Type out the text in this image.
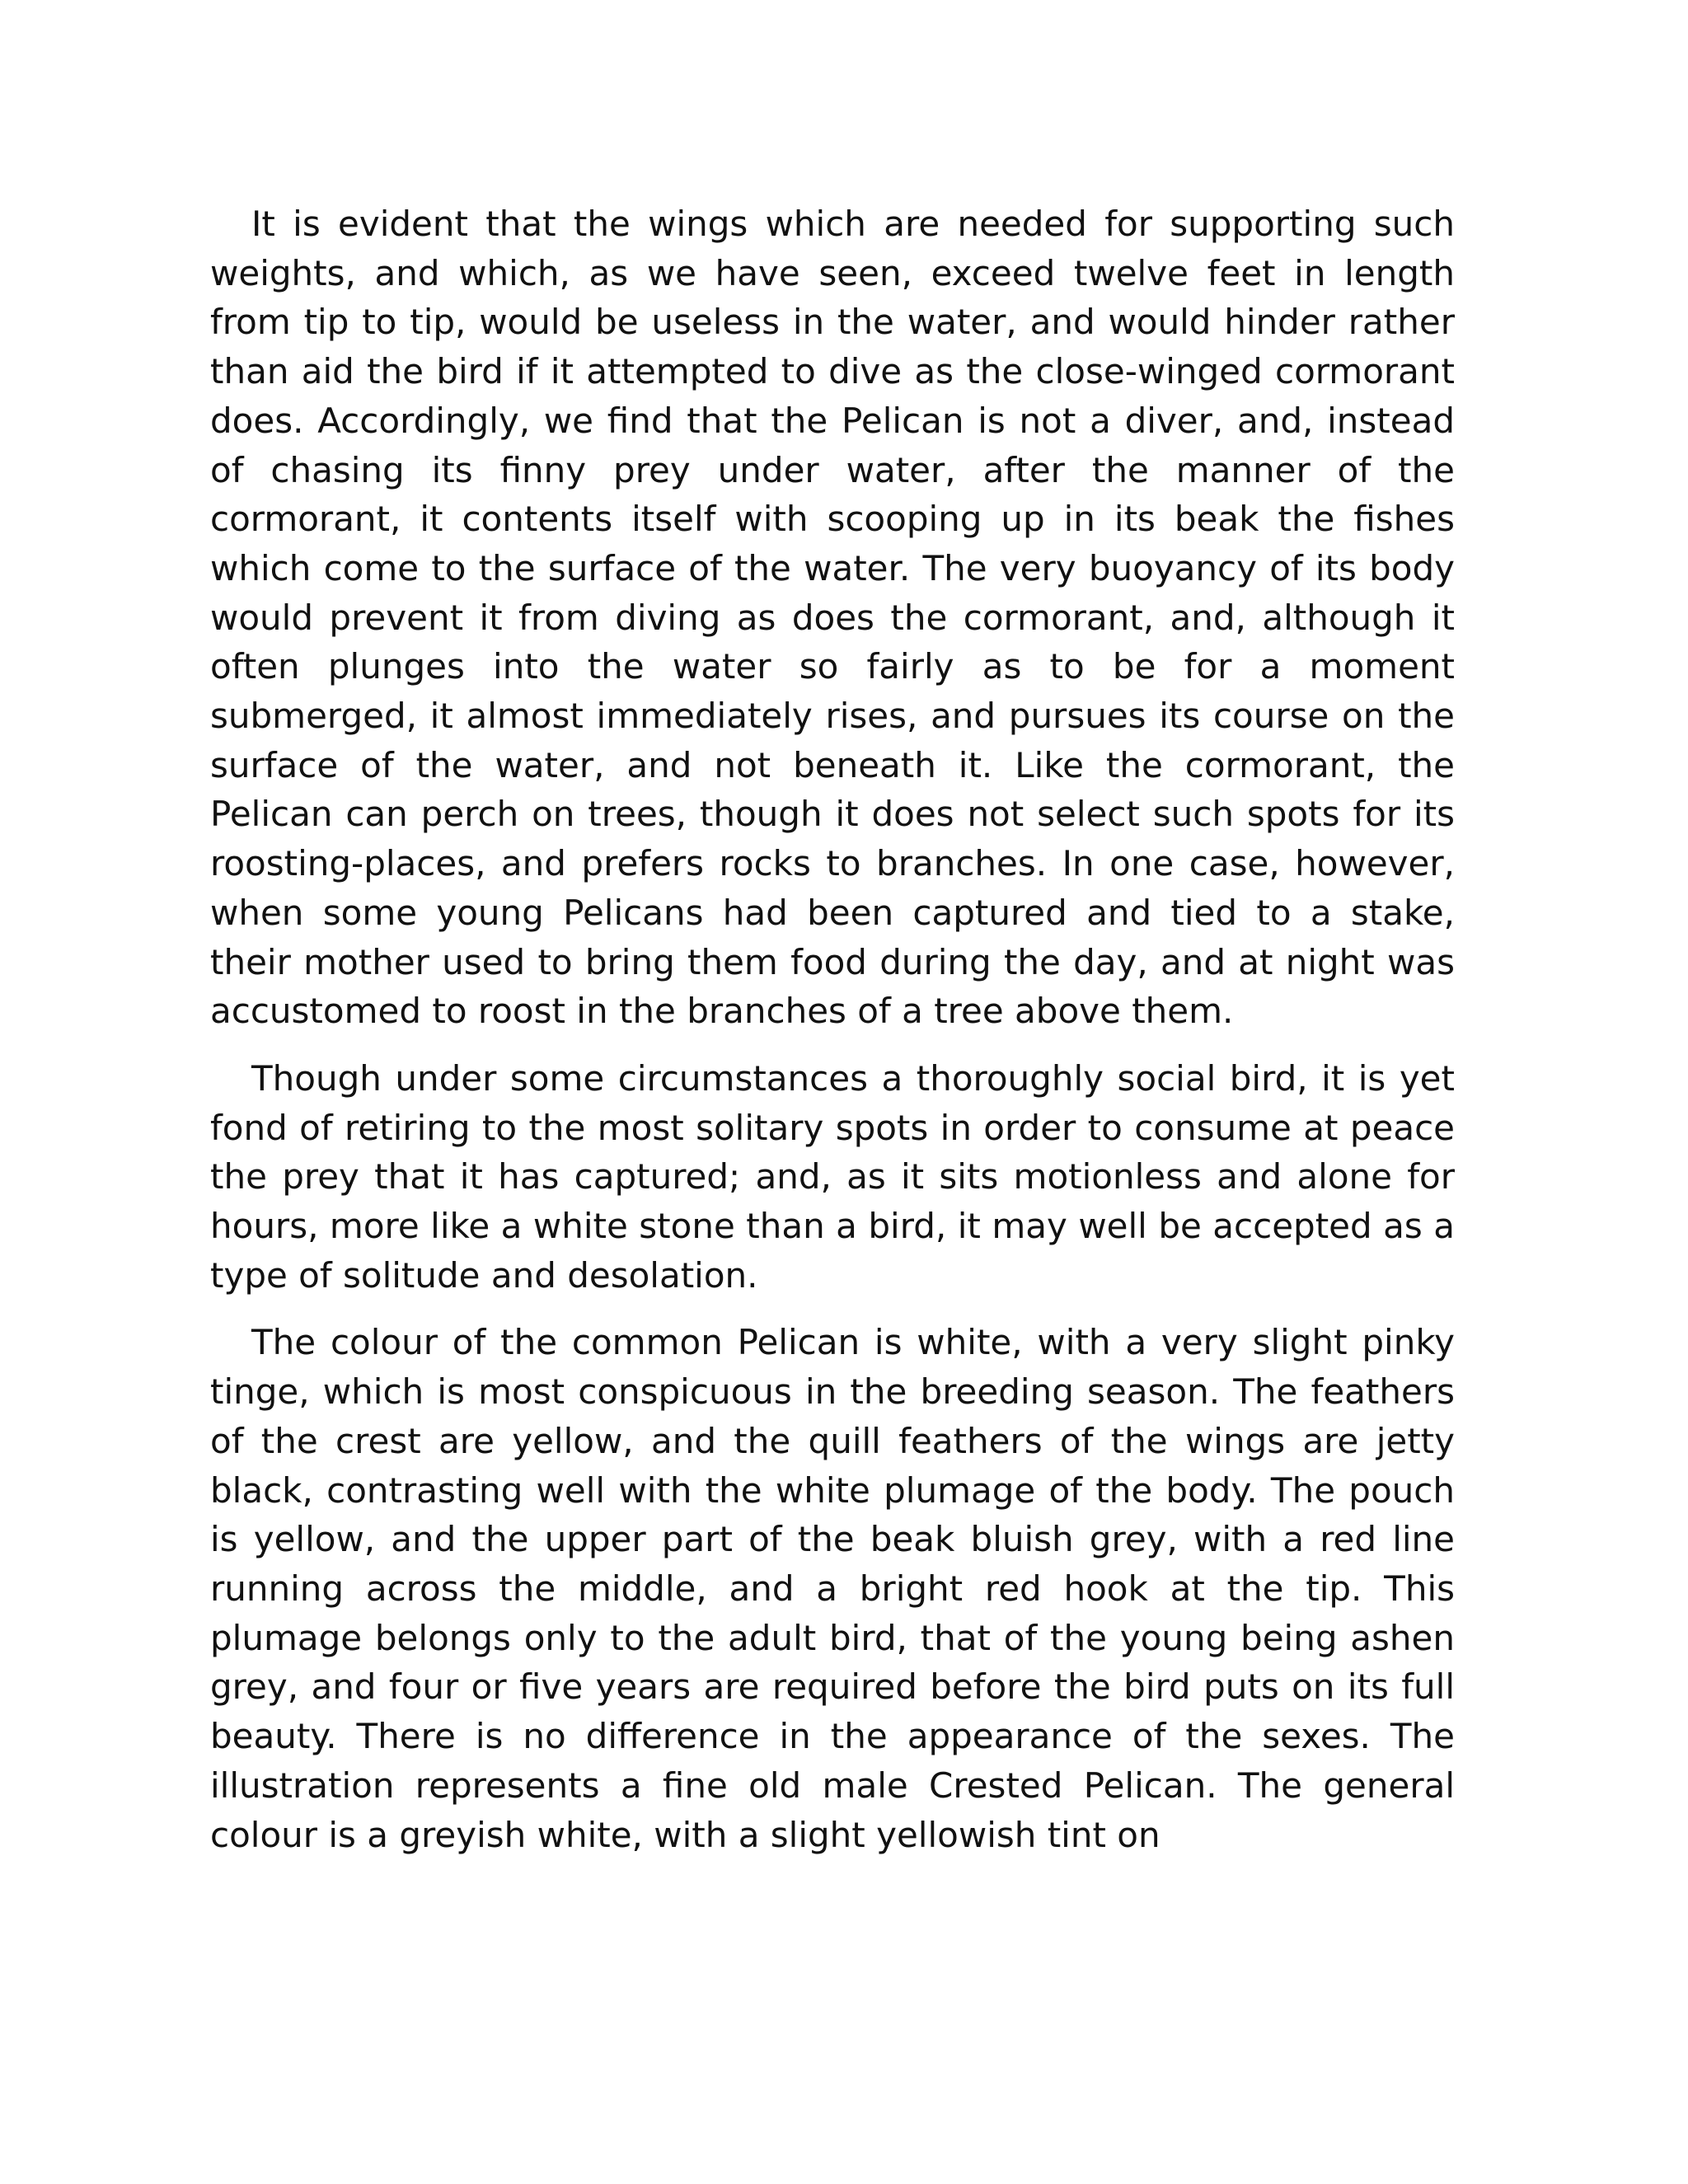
It is evident that the wings which are needed for supporting such weights, and which, as we have seen, exceed twelve feet in length from tip to tip, would be useless in the water, and would hinder rather than aid the bird if it attempted to dive as the close-winged cormorant does. Accordingly, we find that the Pelican is not a diver, and, instead of chasing its finny prey under water, after the manner of the cormorant, it contents itself with scooping up in its beak the fishes which come to the surface of the water. The very buoyancy of its body would prevent it from diving as does the cormorant, and, although it often plunges into the water so fairly as to be for a moment submerged, it almost immediately rises, and pursues its course on the surface of the water, and not beneath it. Like the cormorant, the Pelican can perch on trees, though it does not select such spots for its roosting-places, and prefers rocks to branches. In one case, however, when some young Pelicans had been captured and tied to a stake, their mother used to bring them food during the day, and at night was accustomed to roost in the branches of a tree above them.

Though under some circumstances a thoroughly social bird, it is yet fond of retiring to the most solitary spots in order to consume at peace the prey that it has captured; and, as it sits motionless and alone for hours, more like a white stone than a bird, it may well be accepted as a type of solitude and desolation.

The colour of the common Pelican is white, with a very slight pinky tinge, which is most conspicuous in the breeding season. The feathers of the crest are yellow, and the quill feathers of the wings are jetty black, contrasting well with the white plumage of the body. The pouch is yellow, and the upper part of the beak bluish grey, with a red line running across the middle, and a bright red hook at the tip. This plumage belongs only to the adult bird, that of the young being ashen grey, and four or five years are required before the bird puts on its full beauty. There is no difference in the appearance of the sexes. The illustration represents a fine old male Crested Pelican. The general colour is a greyish white, with a slight yellowish tint on
